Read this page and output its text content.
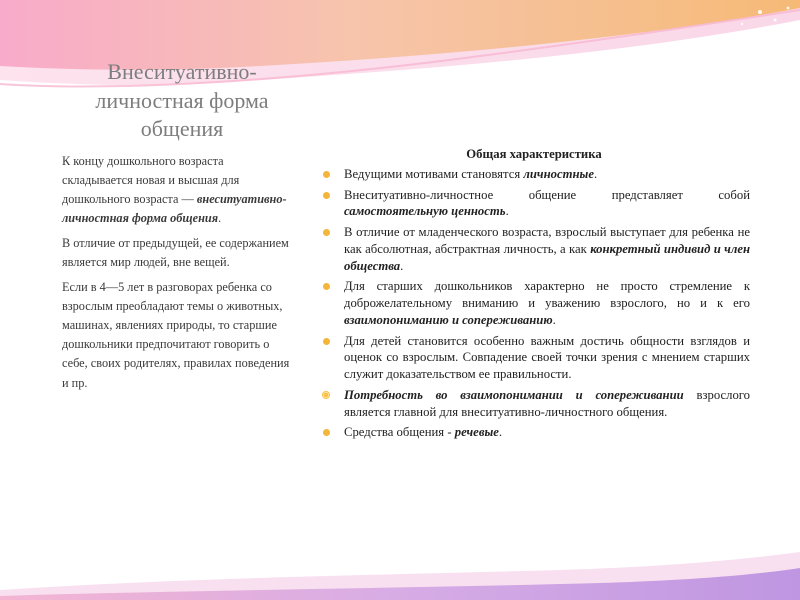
Внеситуативно-
личностная форма
общения

К концу дошкольного возраста складывается новая и высшая для дошкольного возраста — внеситуативно-личностная форма общения.

В отличие от предыдущей, ее содержанием является мир людей, вне вещей.

Если в 4—5 лет в разговорах ребенка со взрослым преобладают темы о животных, машинах, явлениях природы, то старшие дошкольники предпочитают говорить о себе, своих родителях, правилах поведения и пр.

Общая характеристика
Ведущими мотивами становятся личностные.
Внеситуативно-личностное общение представляет собой самостоятельную ценность.
В отличие от младенческого возраста, взрослый выступает для ребенка не как абсолютная, абстрактная личность, а как конкретный индивид и член общества.
Для старших дошкольников характерно не просто стремление к доброжелательному вниманию и уважению взрослого, но и к его взаимопониманию и сопереживанию.
Для детей становится особенно важным достичь общности взглядов и оценок со взрослым. Совпадение своей точки зрения с мнением старших служит доказательством ее правильности.
Потребность во взаимопонимании и сопереживании взрослого является главной для внеситуативно-личностного общения.
Средства общения - речевые.
